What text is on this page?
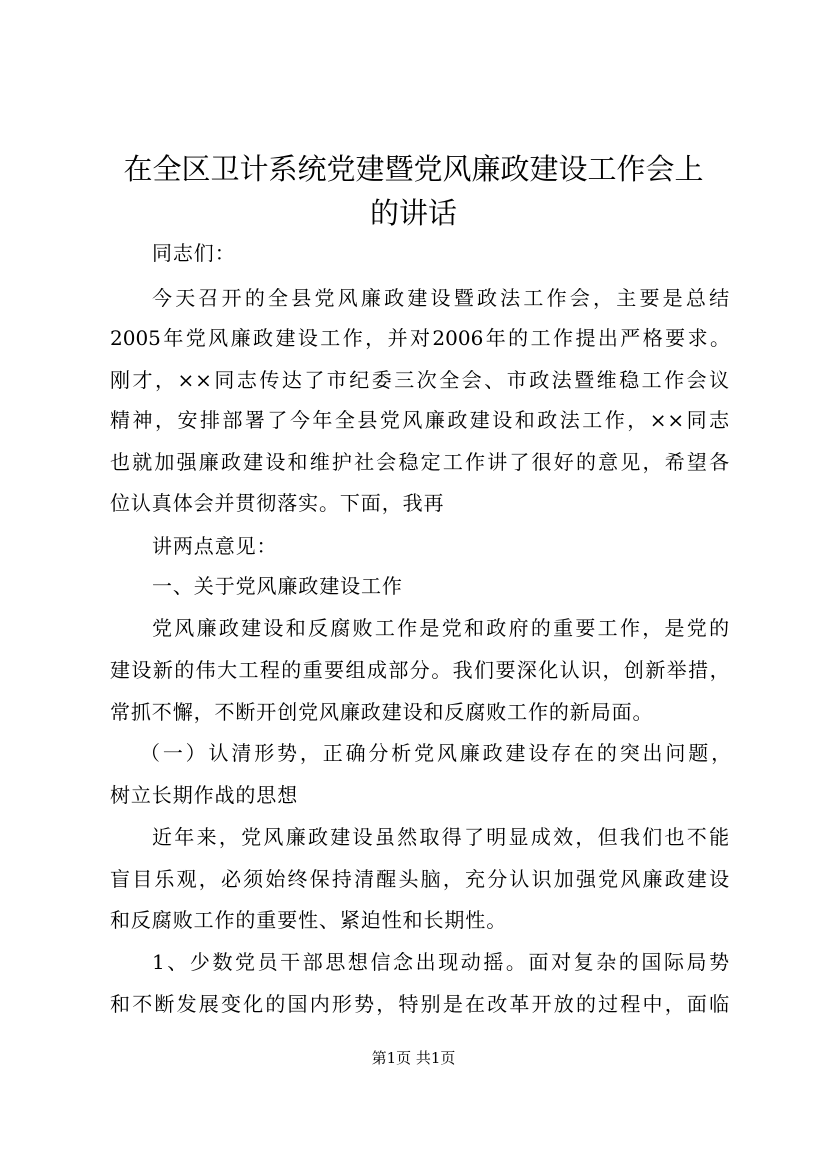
在全区卫计系统党建暨党风廉政建设工作会上
的讲话

同志们：

今天召开的全县党风廉政建设暨政法工作会，主要是总结

2005年党风廉政建设工作，并对2006年的工作提出严格要求。

刚才，××同志传达了市纪委三次全会、市政法暨维稳工作会议

精神，安排部署了今年全县党风廉政建设和政法工作，××同志

也就加强廉政建设和维护社会稳定工作讲了很好的意见，希望各

位认真体会并贯彻落实。下面，我再

讲两点意见：

一、关于党风廉政建设工作

党风廉政建设和反腐败工作是党和政府的重要工作，是党的

建设新的伟大工程的重要组成部分。我们要深化认识，创新举措，

常抓不懈，不断开创党风廉政建设和反腐败工作的新局面。

（一）认清形势，正确分析党风廉政建设存在的突出问题，

树立长期作战的思想

近年来，党风廉政建设虽然取得了明显成效，但我们也不能

盲目乐观，必须始终保持清醒头脑，充分认识加强党风廉政建设

和反腐败工作的重要性、紧迫性和长期性。

1、少数党员干部思想信念出现动摇。面对复杂的国际局势

和不断发展变化的国内形势，特别是在改革开放的过程中，面临

第1页 共1页
